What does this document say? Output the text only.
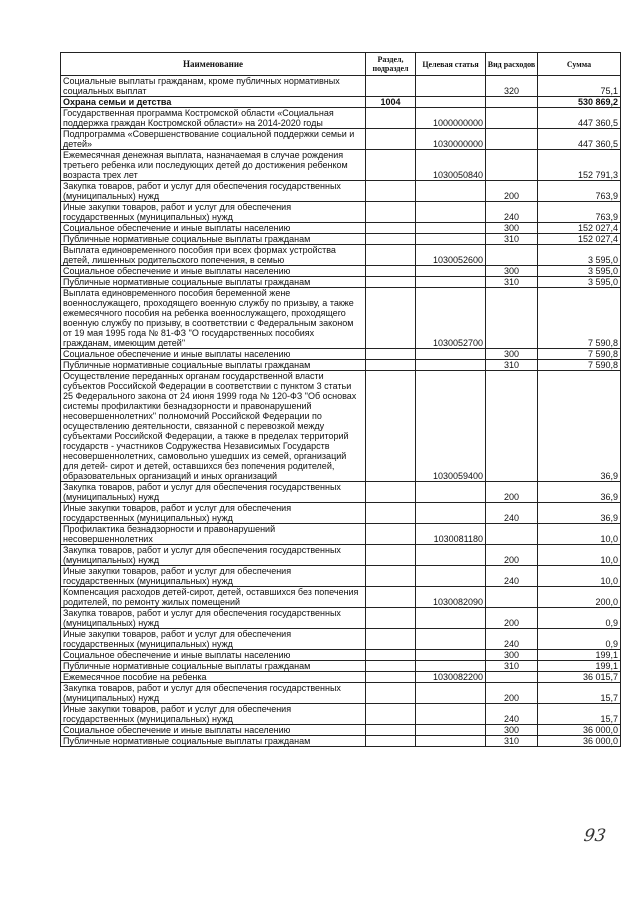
Наименование	Раздел, подраздел	Целевая статья	Вид расходов	Сумма
Социальные выплаты гражданам, кроме публичных нормативных социальных выплат			320	75,1
Охрана семьи и детства	1004			530 869,2
Государственная программа Костромской области «Социальная поддержка граждан Костромской области» на 2014-2020 годы		1000000000		447 360,5
Подпрограмма «Совершенствование социальной поддержки семьи и детей»		1030000000		447 360,5
Ежемесячная денежная выплата, назначаемая в случае рождения третьего ребенка или последующих детей до достижения ребенком возраста трех лет		1030050840		152 791,3
Закупка товаров, работ и услуг для обеспечения государственных (муниципальных) нужд			200	763,9
Иные закупки товаров, работ и услуг для обеспечения государственных (муниципальных) нужд			240	763,9
Социальное обеспечение и иные выплаты населению			300	152 027,4
Публичные нормативные социальные выплаты гражданам			310	152 027,4
Выплата единовременного пособия при всех формах устройства детей, лишенных родительского попечения, в семью		1030052600		3 595,0
Социальное обеспечение и иные выплаты населению			300	3 595,0
Публичные нормативные социальные выплаты гражданам			310	3 595,0
Выплата единовременного пособия беременной жене военнослужащего, проходящего военную службу по призыву, а также ежемесячного пособия на ребенка военнослужащего, проходящего военную службу по призыву, в соответствии с Федеральным законом от 19 мая 1995 года № 81-ФЗ "О государственных пособиях гражданам, имеющим детей"		1030052700		7 590,8
Социальное обеспечение и иные выплаты населению			300	7 590,8
Публичные нормативные социальные выплаты гражданам			310	7 590,8
Осуществление переданных органам государственной власти субъектов Российской Федерации в соответствии с пунктом 3 статьи 25 Федерального закона от 24 июня 1999 года № 120-ФЗ "Об основах системы профилактики безнадзорности и правонарушений несовершеннолетних" полномочий Российской Федерации по осуществлению деятельности, связанной с перевозкой между субъектами Российской Федерации, а также в пределах территорий государств - участников Содружества Независимых Государств несовершеннолетних, самовольно ушедших из семей, организаций для детей- сирот и детей, оставшихся без попечения родителей, образовательных организаций и иных организаций		1030059400		36,9
Закупка товаров, работ и услуг для обеспечения государственных (муниципальных) нужд			200	36,9
Иные закупки товаров, работ и услуг для обеспечения государственных (муниципальных) нужд			240	36,9
Профилактика безнадзорности и правонарушений несовершеннолетних		1030081180		10,0
Закупка товаров, работ и услуг для обеспечения государственных (муниципальных) нужд			200	10,0
Иные закупки товаров, работ и услуг для обеспечения государственных (муниципальных) нужд			240	10,0
Компенсация расходов детей-сирот, детей, оставшихся без попечения родителей, по ремонту жилых помещений		1030082090		200,0
Закупка товаров, работ и услуг для обеспечения государственных (муниципальных) нужд			200	0,9
Иные закупки товаров, работ и услуг для обеспечения государственных (муниципальных) нужд			240	0,9
Социальное обеспечение и иные выплаты населению			300	199,1
Публичные нормативные социальные выплаты гражданам			310	199,1
Ежемесячное пособие на ребенка		1030082200		36 015,7
Закупка товаров, работ и услуг для обеспечения государственных (муниципальных) нужд			200	15,7
Иные закупки товаров, работ и услуг для обеспечения государственных (муниципальных) нужд			240	15,7
Социальное обеспечение и иные выплаты населению			300	36 000,0
Публичные нормативные социальные выплаты гражданам			310	36 000,0
93
